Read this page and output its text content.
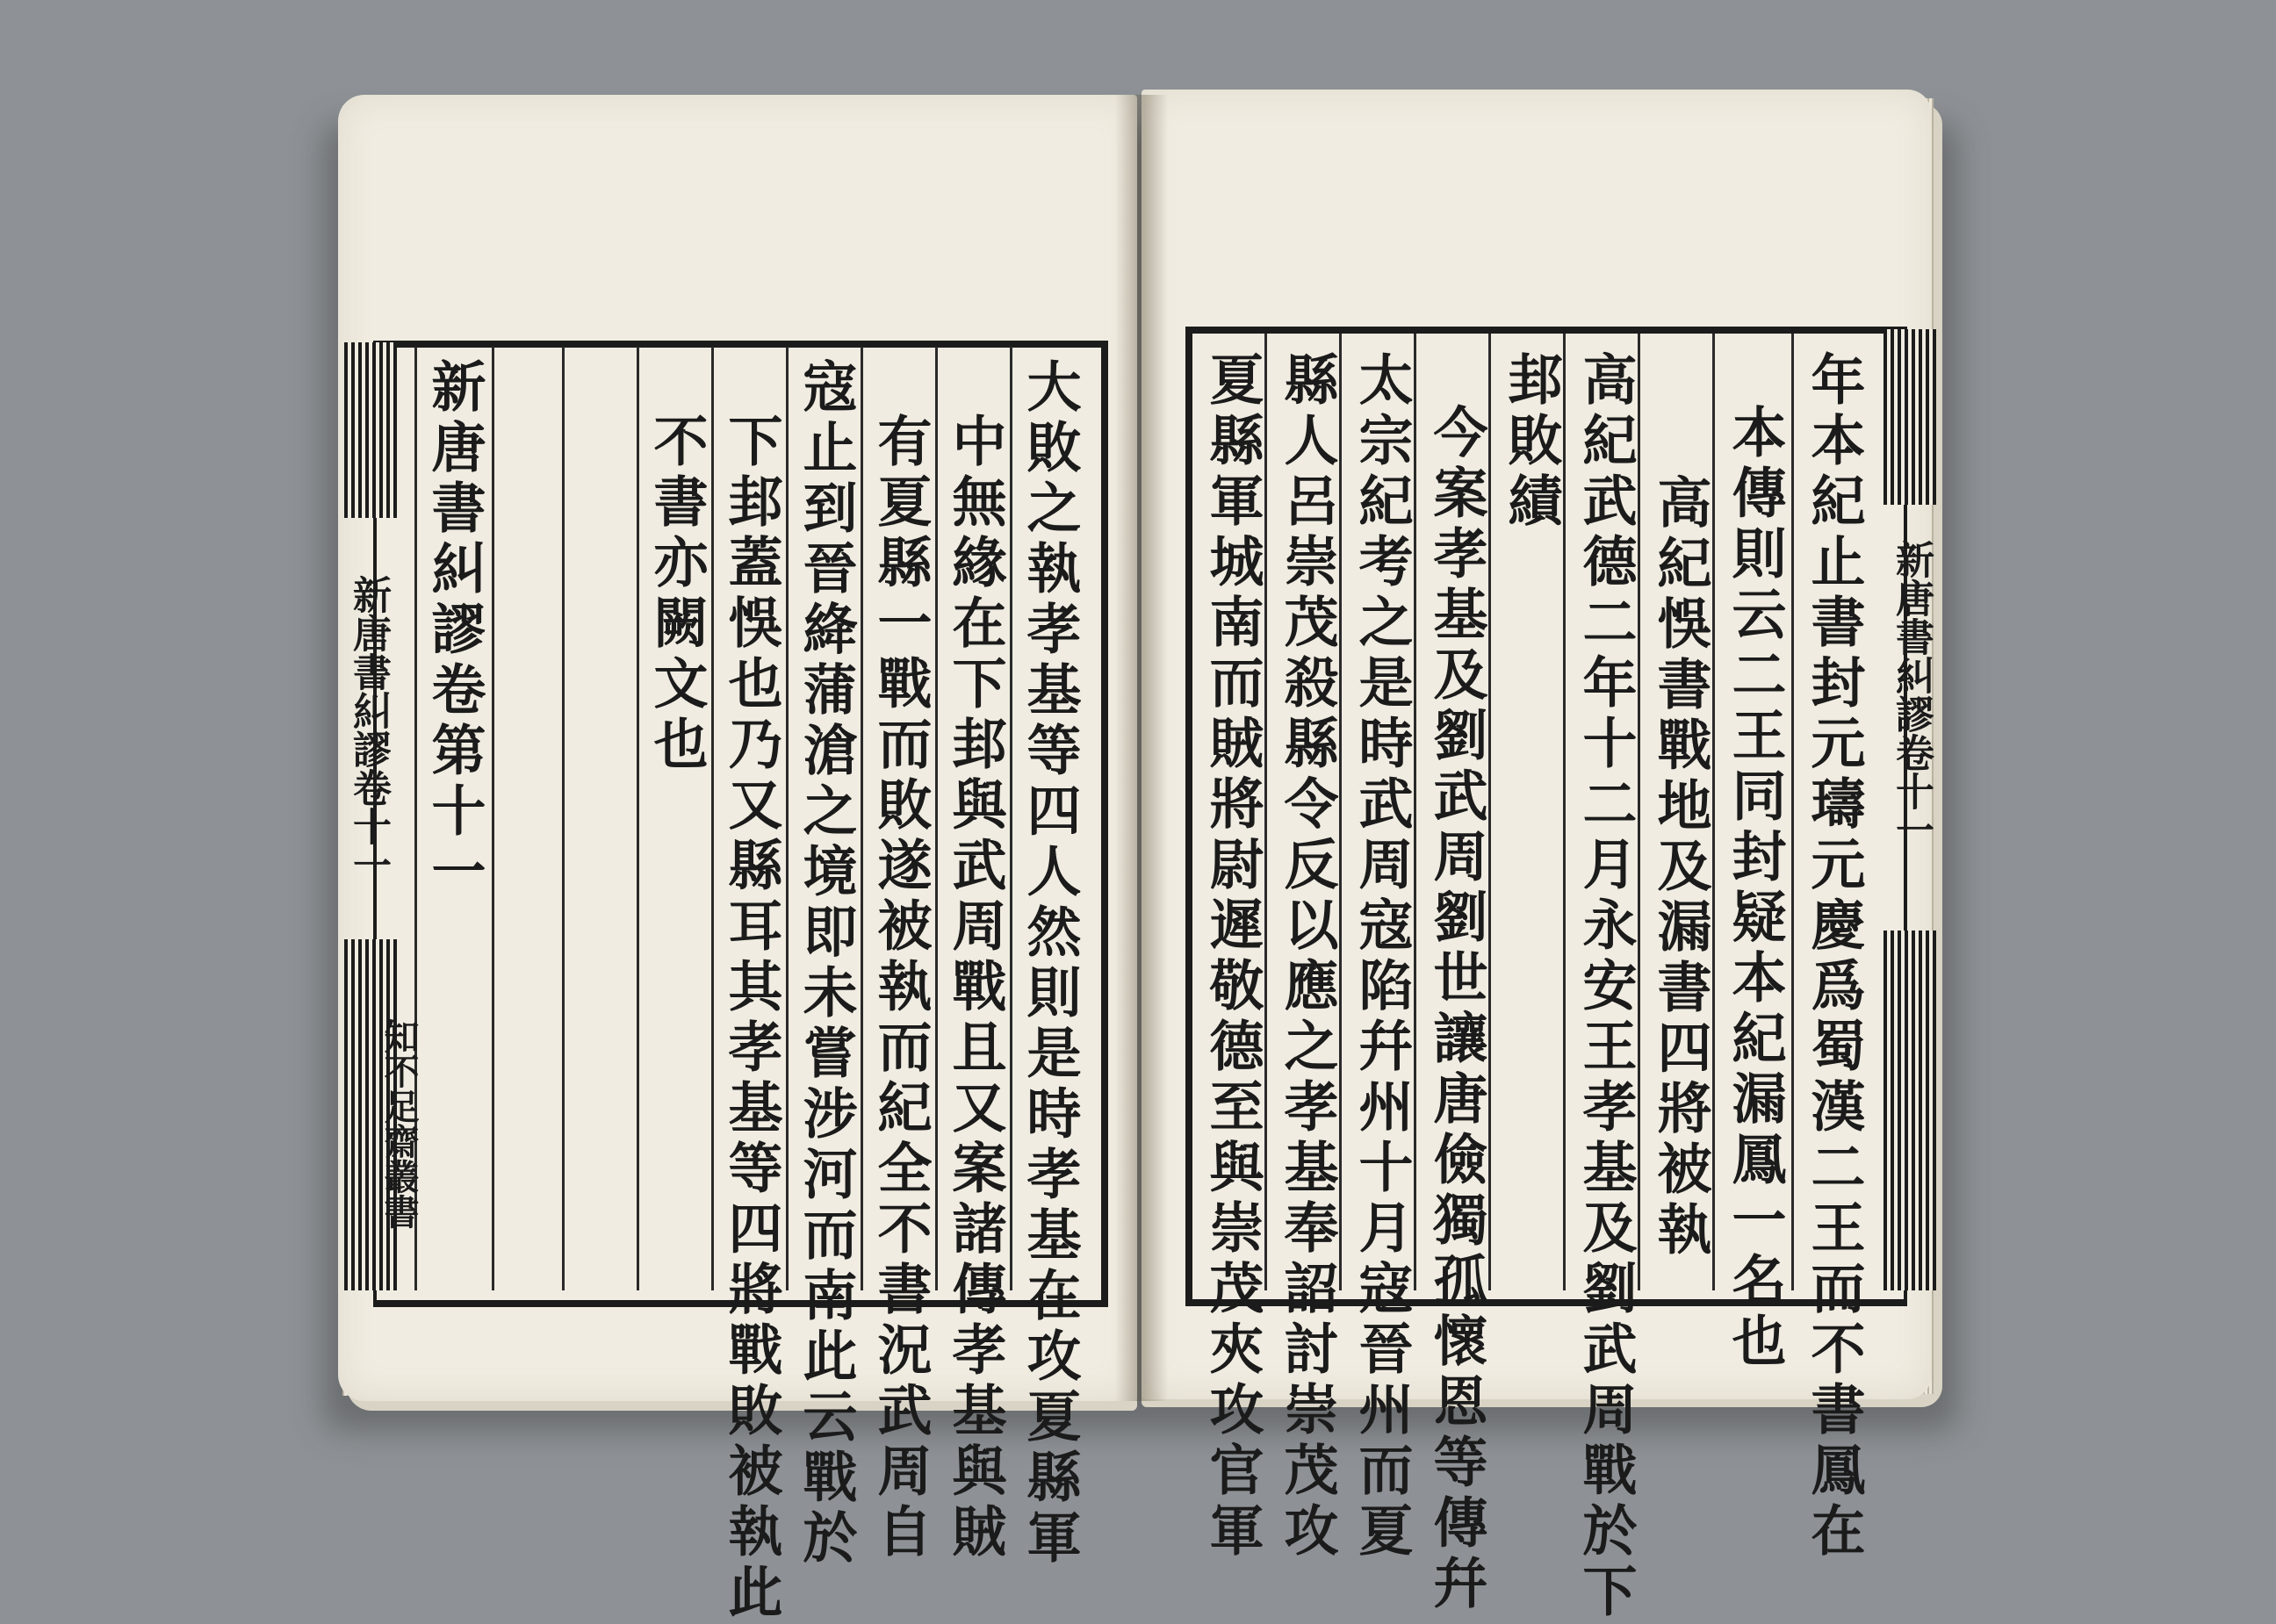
新唐書糾謬卷十一 新唐書糾謬卷第十一	不書亦闕文也 下邽蓋悞也乃又縣耳其孝基等四將戰敗被執此 寇止到晉絳蒲滄之境即未嘗涉河而南此云戰於 有夏縣一戰而敗遂被執而紀全不書況武周自 中無緣在下邽與武周戰且又案諸傳孝基與賊 大敗之執孝基等四人然則是時孝基在攻夏縣軍
知不足齋叢書
新唐書糾謬卷十一
年本紀止書封元璹元慶爲蜀漢二王而不書鳳在
本傳則云二王同封疑本紀漏鳳一名也
高紀悞書戰地及漏書四將被執
高紀武德二年十二月永安王孝基及劉武周戰於下
邽敗績
今案孝基及劉武周劉世讓唐儉獨孤懷恩等傳幷
太宗紀考之是時武周寇陷幷州十月寇晉州而夏
縣人呂崇茂殺縣令反以應之孝基奉詔討崇茂攻
夏縣軍城南而賊將尉遲敬德至與崇茂夾攻官軍
